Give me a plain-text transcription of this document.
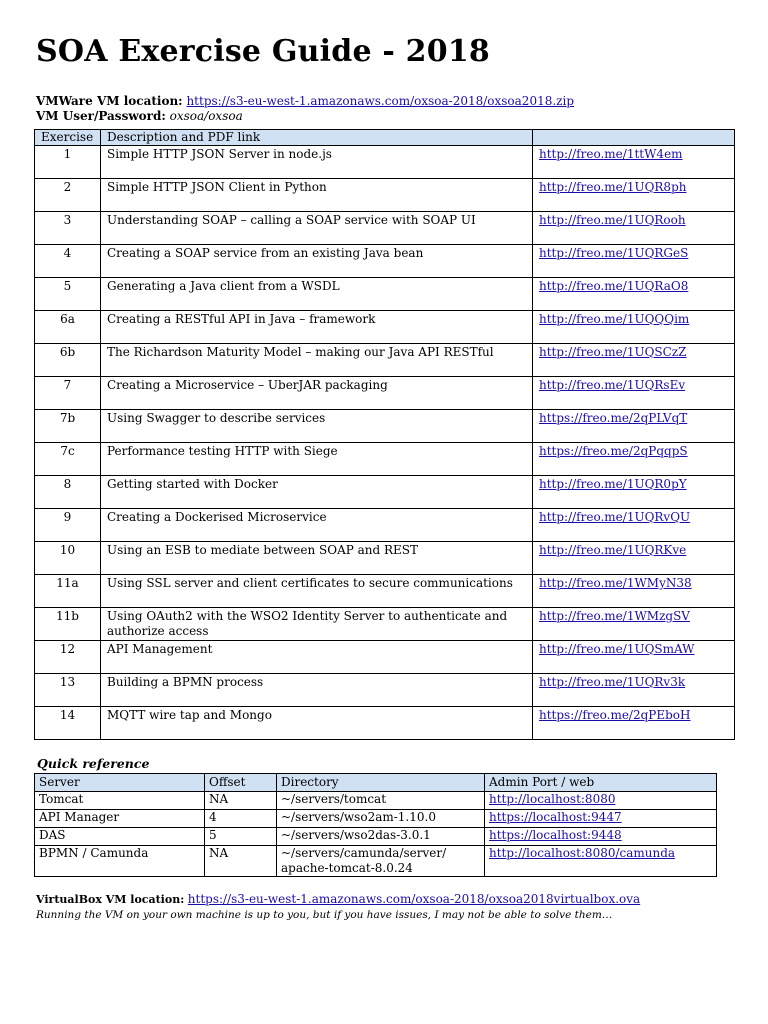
SOA Exercise Guide - 2018
VMWare VM location: https://s3-eu-west-1.amazonaws.com/oxsoa-2018/oxsoa2018.zip
VM User/Password: oxsoa/oxsoa
Exercise	Description and PDF link	
1	Simple HTTP JSON Server in node.js	http://freo.me/1ttW4em
2	Simple HTTP JSON Client in Python	http://freo.me/1UQR8ph
3	Understanding SOAP – calling a SOAP service with SOAP UI	http://freo.me/1UQRooh
4	Creating a SOAP service from an existing Java bean	http://freo.me/1UQRGeS
5	Generating a Java client from a WSDL	http://freo.me/1UQRaO8
6a	Creating a RESTful API in Java – framework	http://freo.me/1UQQQim
6b	The Richardson Maturity Model – making our Java API RESTful	http://freo.me/1UQSCzZ
7	Creating a Microservice – UberJAR packaging	http://freo.me/1UQRsEv
7b	Using Swagger to describe services	https://freo.me/2qPLVqT
7c	Performance testing HTTP with Siege	https://freo.me/2qPqqpS
8	Getting started with Docker	http://freo.me/1UQR0pY
9	Creating a Dockerised Microservice	http://freo.me/1UQRvQU
10	Using an ESB to mediate between SOAP and REST	http://freo.me/1UQRKve
11a	Using SSL server and client certificates to secure communications	http://freo.me/1WMyN38
11b	Using OAuth2 with the WSO2 Identity Server to authenticate and authorize access	http://freo.me/1WMzgSV
12	API Management	http://freo.me/1UQSmAW
13	Building a BPMN process	http://freo.me/1UQRv3k
14	MQTT wire tap and Mongo	https://freo.me/2qPEboH
Quick reference
Server	Offset	Directory	Admin Port / web
Tomcat	NA	~/servers/tomcat	http://localhost:8080
API Manager	4	~/servers/wso2am-1.10.0	https://localhost:9447
DAS	5	~/servers/wso2das-3.0.1	https://localhost:9448
BPMN / Camunda	NA	~/servers/camunda/server/ apache-tomcat-8.0.24	http://localhost:8080/camunda
VirtualBox VM location: https://s3-eu-west-1.amazonaws.com/oxsoa-2018/oxsoa2018virtualbox.ova
Running the VM on your own machine is up to you, but if you have issues, I may not be able to solve them…
